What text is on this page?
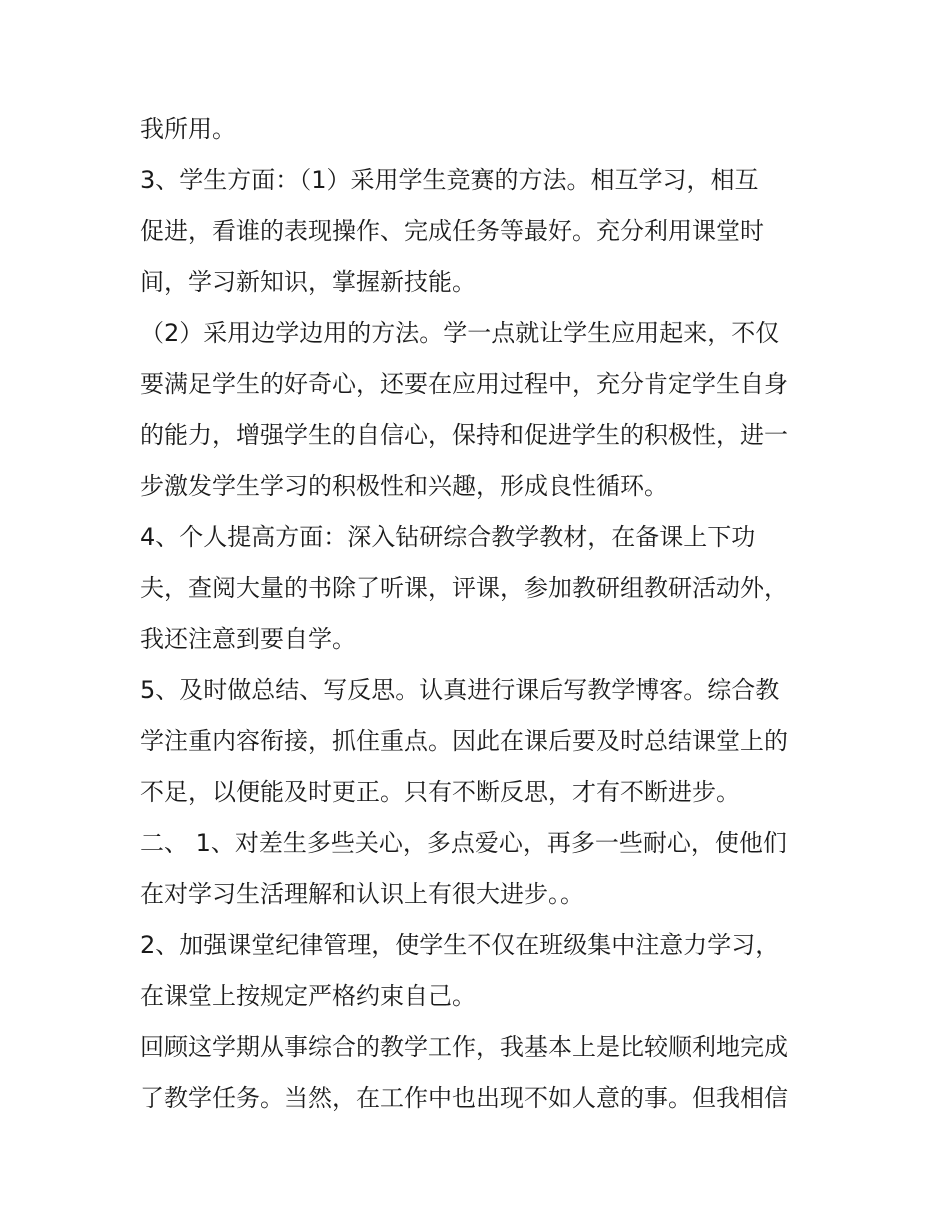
我所用。
3、学生方面：（1）采用学生竞赛的方法。相互学习，相互
促进，看谁的表现操作、完成任务等最好。充分利用课堂时
间，学习新知识，掌握新技能。
（2）采用边学边用的方法。学一点就让学生应用起来，不仅
要满足学生的好奇心，还要在应用过程中，充分肯定学生自身
的能力，增强学生的自信心，保持和促进学生的积极性，进一
步激发学生学习的积极性和兴趣，形成良性循环。
4、个人提高方面：深入钻研综合教学教材，在备课上下功
夫，查阅大量的书除了听课，评课，参加教研组教研活动外，
我还注意到要自学。
5、及时做总结、写反思。认真进行课后写教学博客。综合教
学注重内容衔接，抓住重点。因此在课后要及时总结课堂上的
不足，以便能及时更正。只有不断反思，才有不断进步。
二、 1、对差生多些关心，多点爱心，再多一些耐心，使他们
在对学习生活理解和认识上有很大进步。。
2、加强课堂纪律管理，使学生不仅在班级集中注意力学习，
在课堂上按规定严格约束自己。
回顾这学期从事综合的教学工作，我基本上是比较顺利地完成
了教学任务。当然，在工作中也出现不如人意的事。但我相信
